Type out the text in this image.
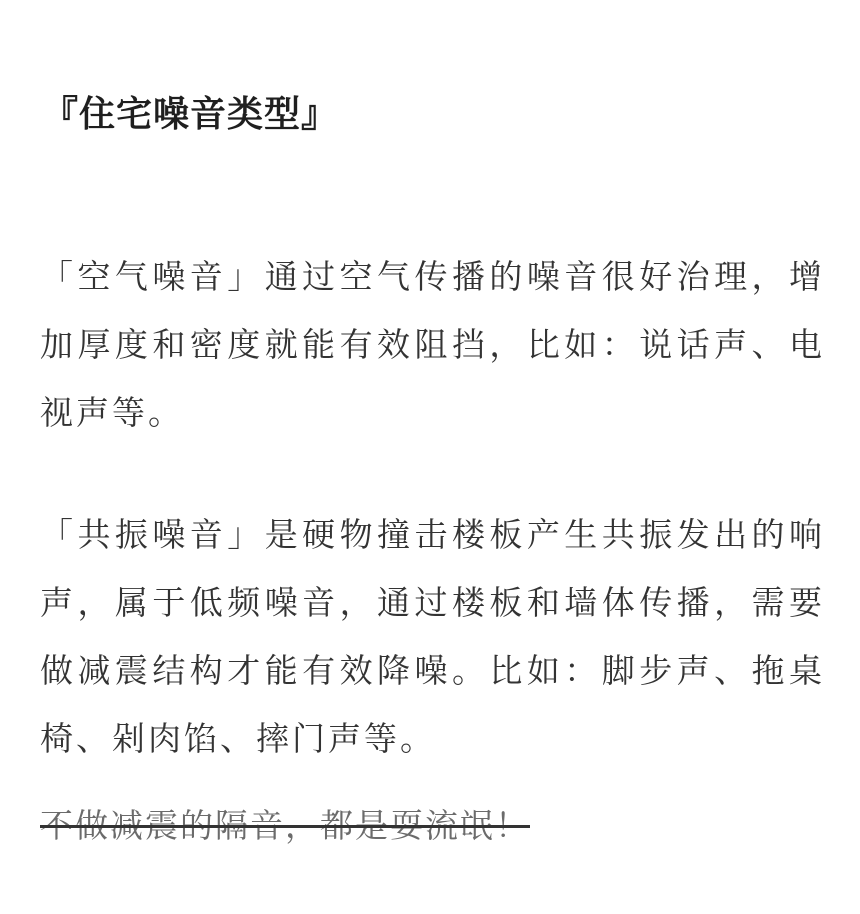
『住宅噪音类型』

「空气噪音」通过空气传播的噪音很好治理，增加厚度和密度就能有效阻挡，比如：说话声、电视声等。

「共振噪音」是硬物撞击楼板产生共振发出的响声，属于低频噪音，通过楼板和墙体传播，需要做减震结构才能有效降噪。比如：脚步声、拖桌椅、剁肉馅、摔门声等。

不做减震的隔音，都是耍流氓！
